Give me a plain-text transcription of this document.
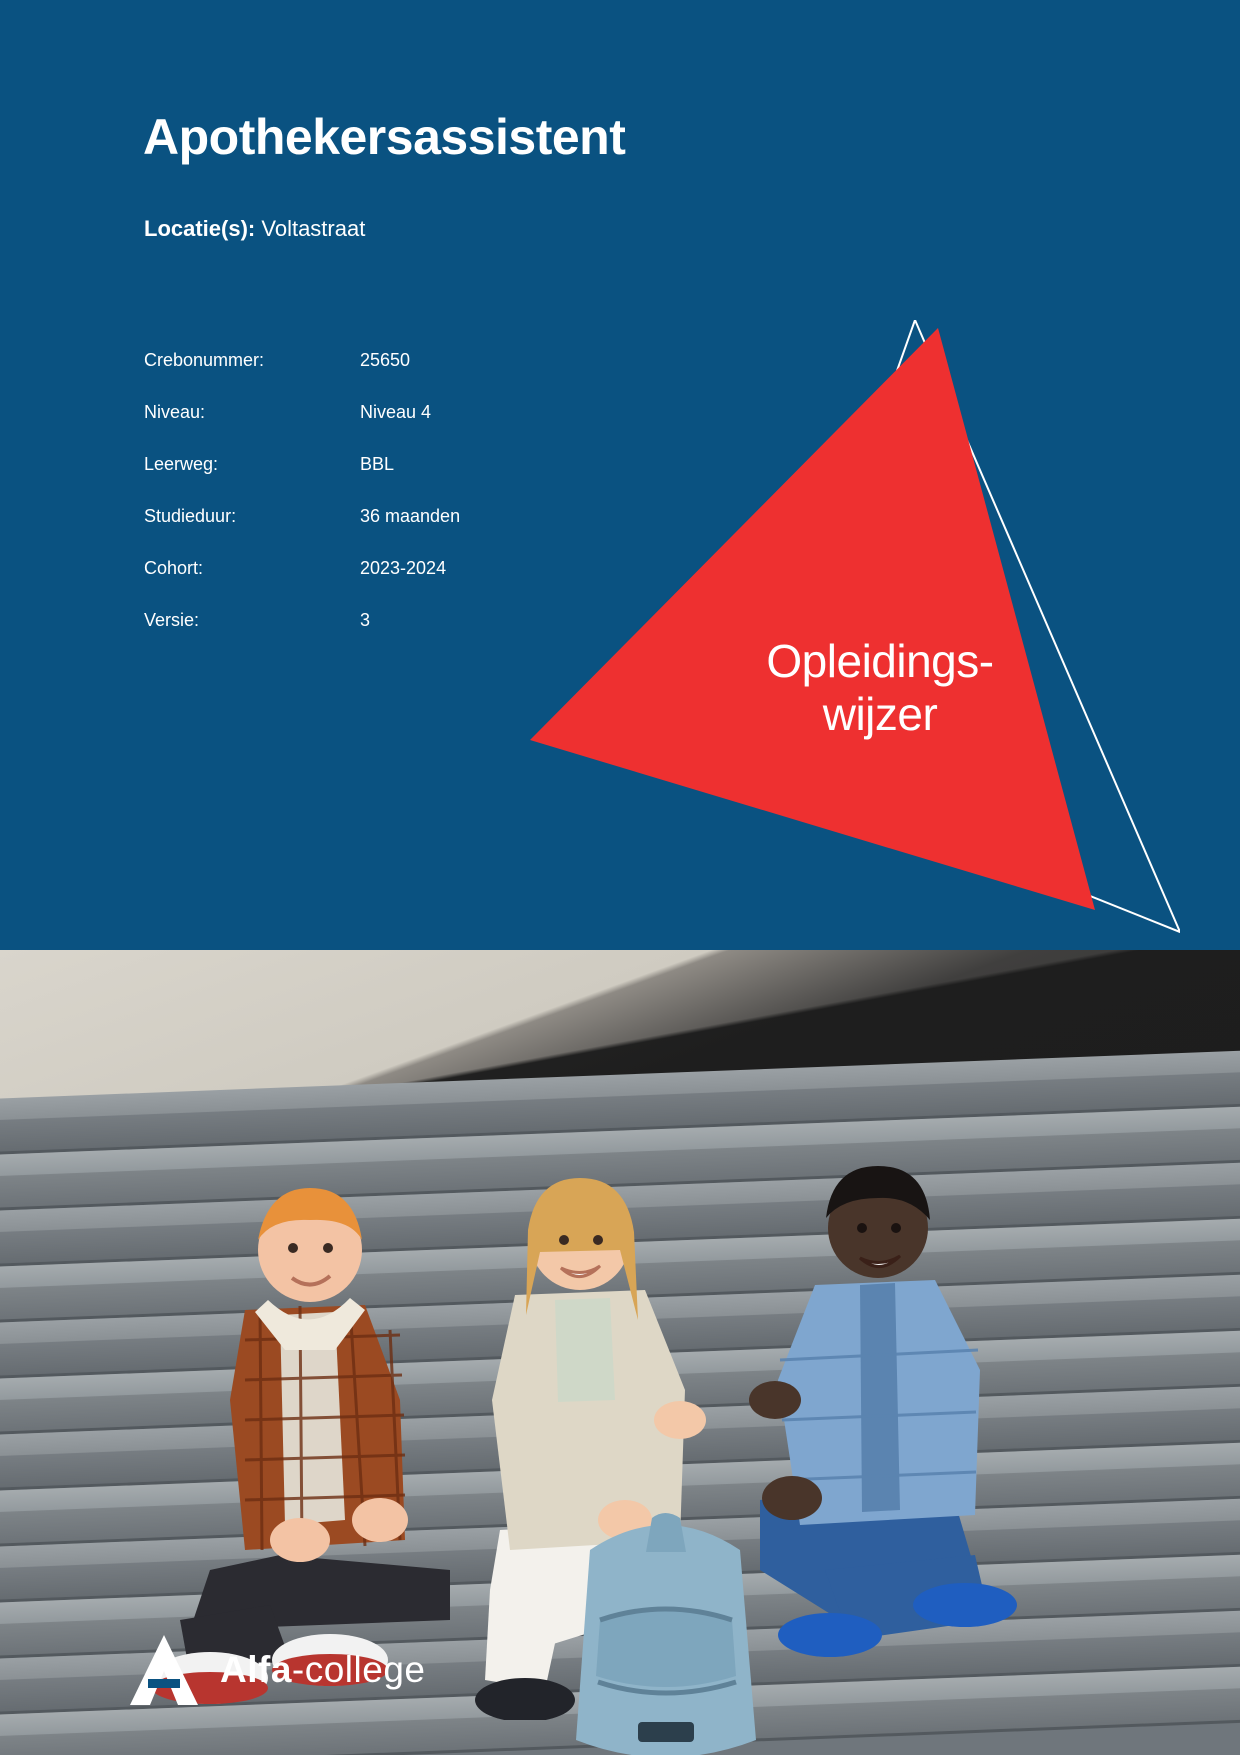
Apothekersassistent
Locatie(s): Voltastraat
Crebonummer:	25650
Niveau:	Niveau 4
Leerweg:	BBL
Studieduur:	36 maanden
Cohort:	2023-2024
Versie:	3
Opleidings-
wijzer
Alfa-college
